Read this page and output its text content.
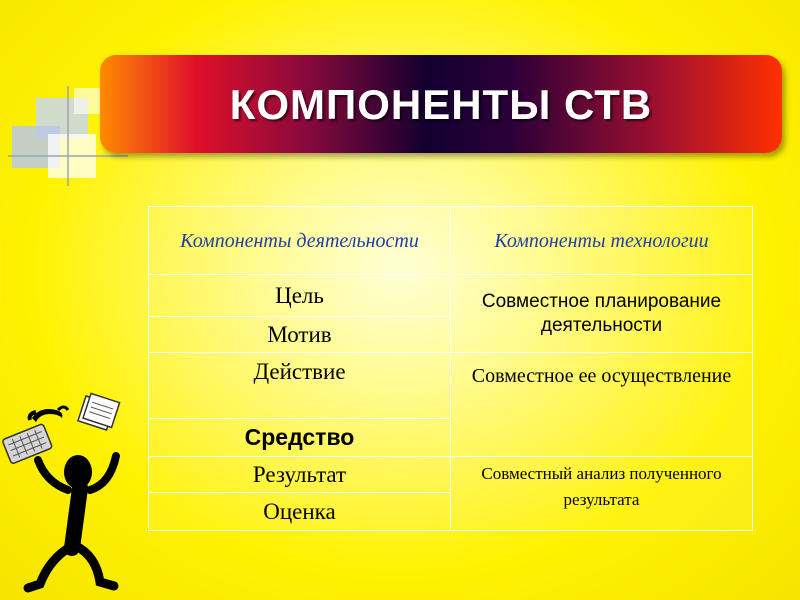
КОМПОНЕНТЫ СТВ
Компоненты деятельности	Компоненты технологии
Цель	Совместное планирование деятельности
Мотив	
Действие	Совместное ее осуществление
Средство	
Результат	Совместный анализ полученного результата
Оценка	
